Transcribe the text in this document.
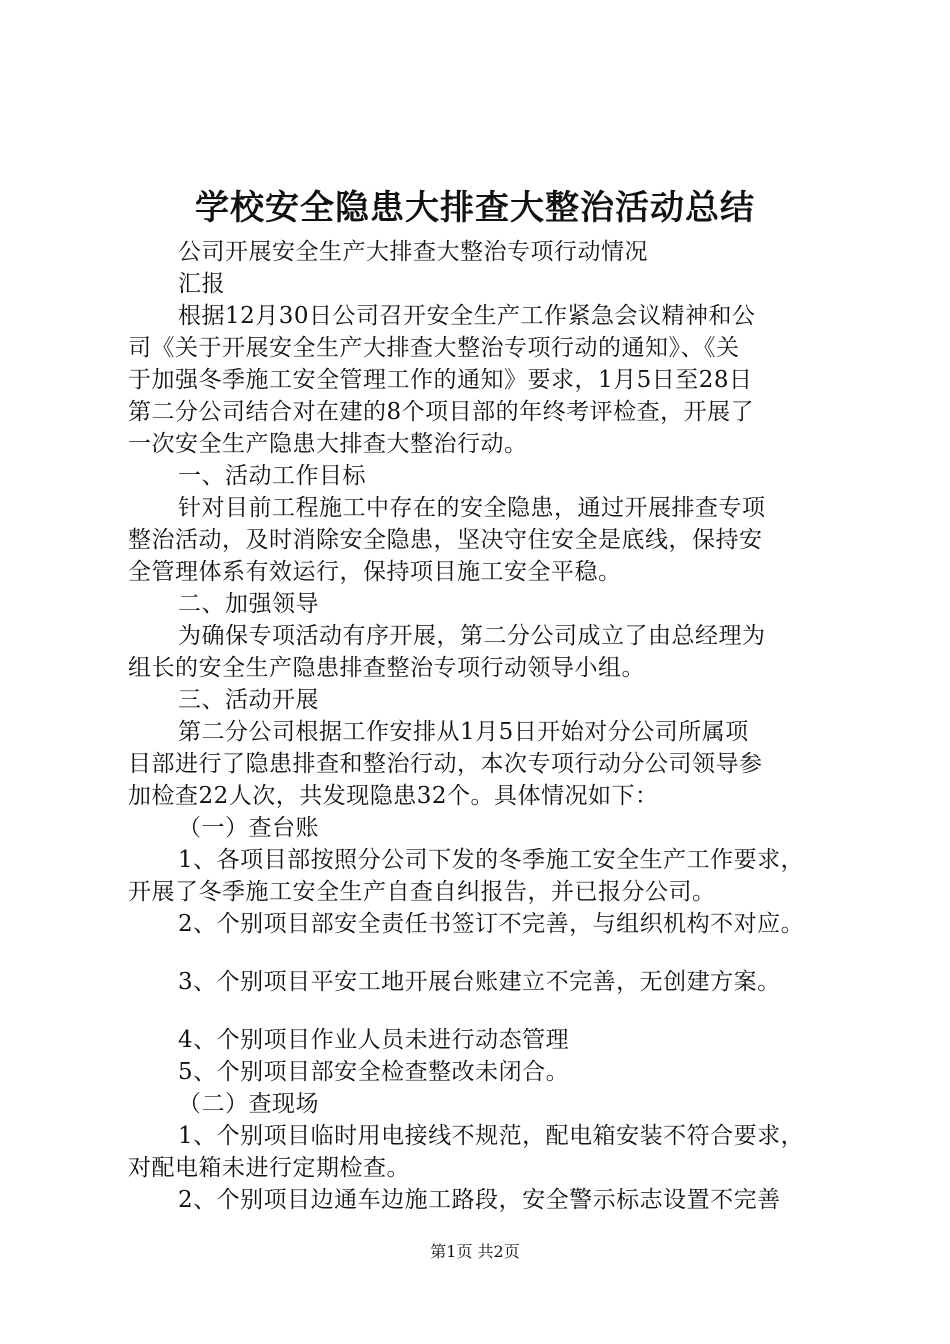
学校安全隐患大排查大整治活动总结
公司开展安全生产大排查大整治专项行动情况
汇报
根据12月30日公司召开安全生产工作紧急会议精神和公
司《关于开展安全生产大排查大整治专项行动的通知》、《关
于加强冬季施工安全管理工作的通知》要求，1月5日至28日
第二分公司结合对在建的8个项目部的年终考评检查，开展了
一次安全生产隐患大排查大整治行动。
一、活动工作目标
针对目前工程施工中存在的安全隐患，通过开展排查专项
整治活动，及时消除安全隐患，坚决守住安全是底线，保持安
全管理体系有效运行，保持项目施工安全平稳。
二、加强领导
为确保专项活动有序开展，第二分公司成立了由总经理为
组长的安全生产隐患排查整治专项行动领导小组。
三、活动开展
第二分公司根据工作安排从1月5日开始对分公司所属项
目部进行了隐患排查和整治行动，本次专项行动分公司领导参
加检查22人次，共发现隐患32个。具体情况如下：
（一）查台账
1、各项目部按照分公司下发的冬季施工安全生产工作要求，
开展了冬季施工安全生产自查自纠报告，并已报分公司。
2、个别项目部安全责任书签订不完善，与组织机构不对应。
3、个别项目平安工地开展台账建立不完善，无创建方案。
4、个别项目作业人员未进行动态管理
5、个别项目部安全检查整改未闭合。
（二）查现场
1、个别项目临时用电接线不规范，配电箱安装不符合要求，
对配电箱未进行定期检查。
2、个别项目边通车边施工路段，安全警示标志设置不完善
第1页 共2页
